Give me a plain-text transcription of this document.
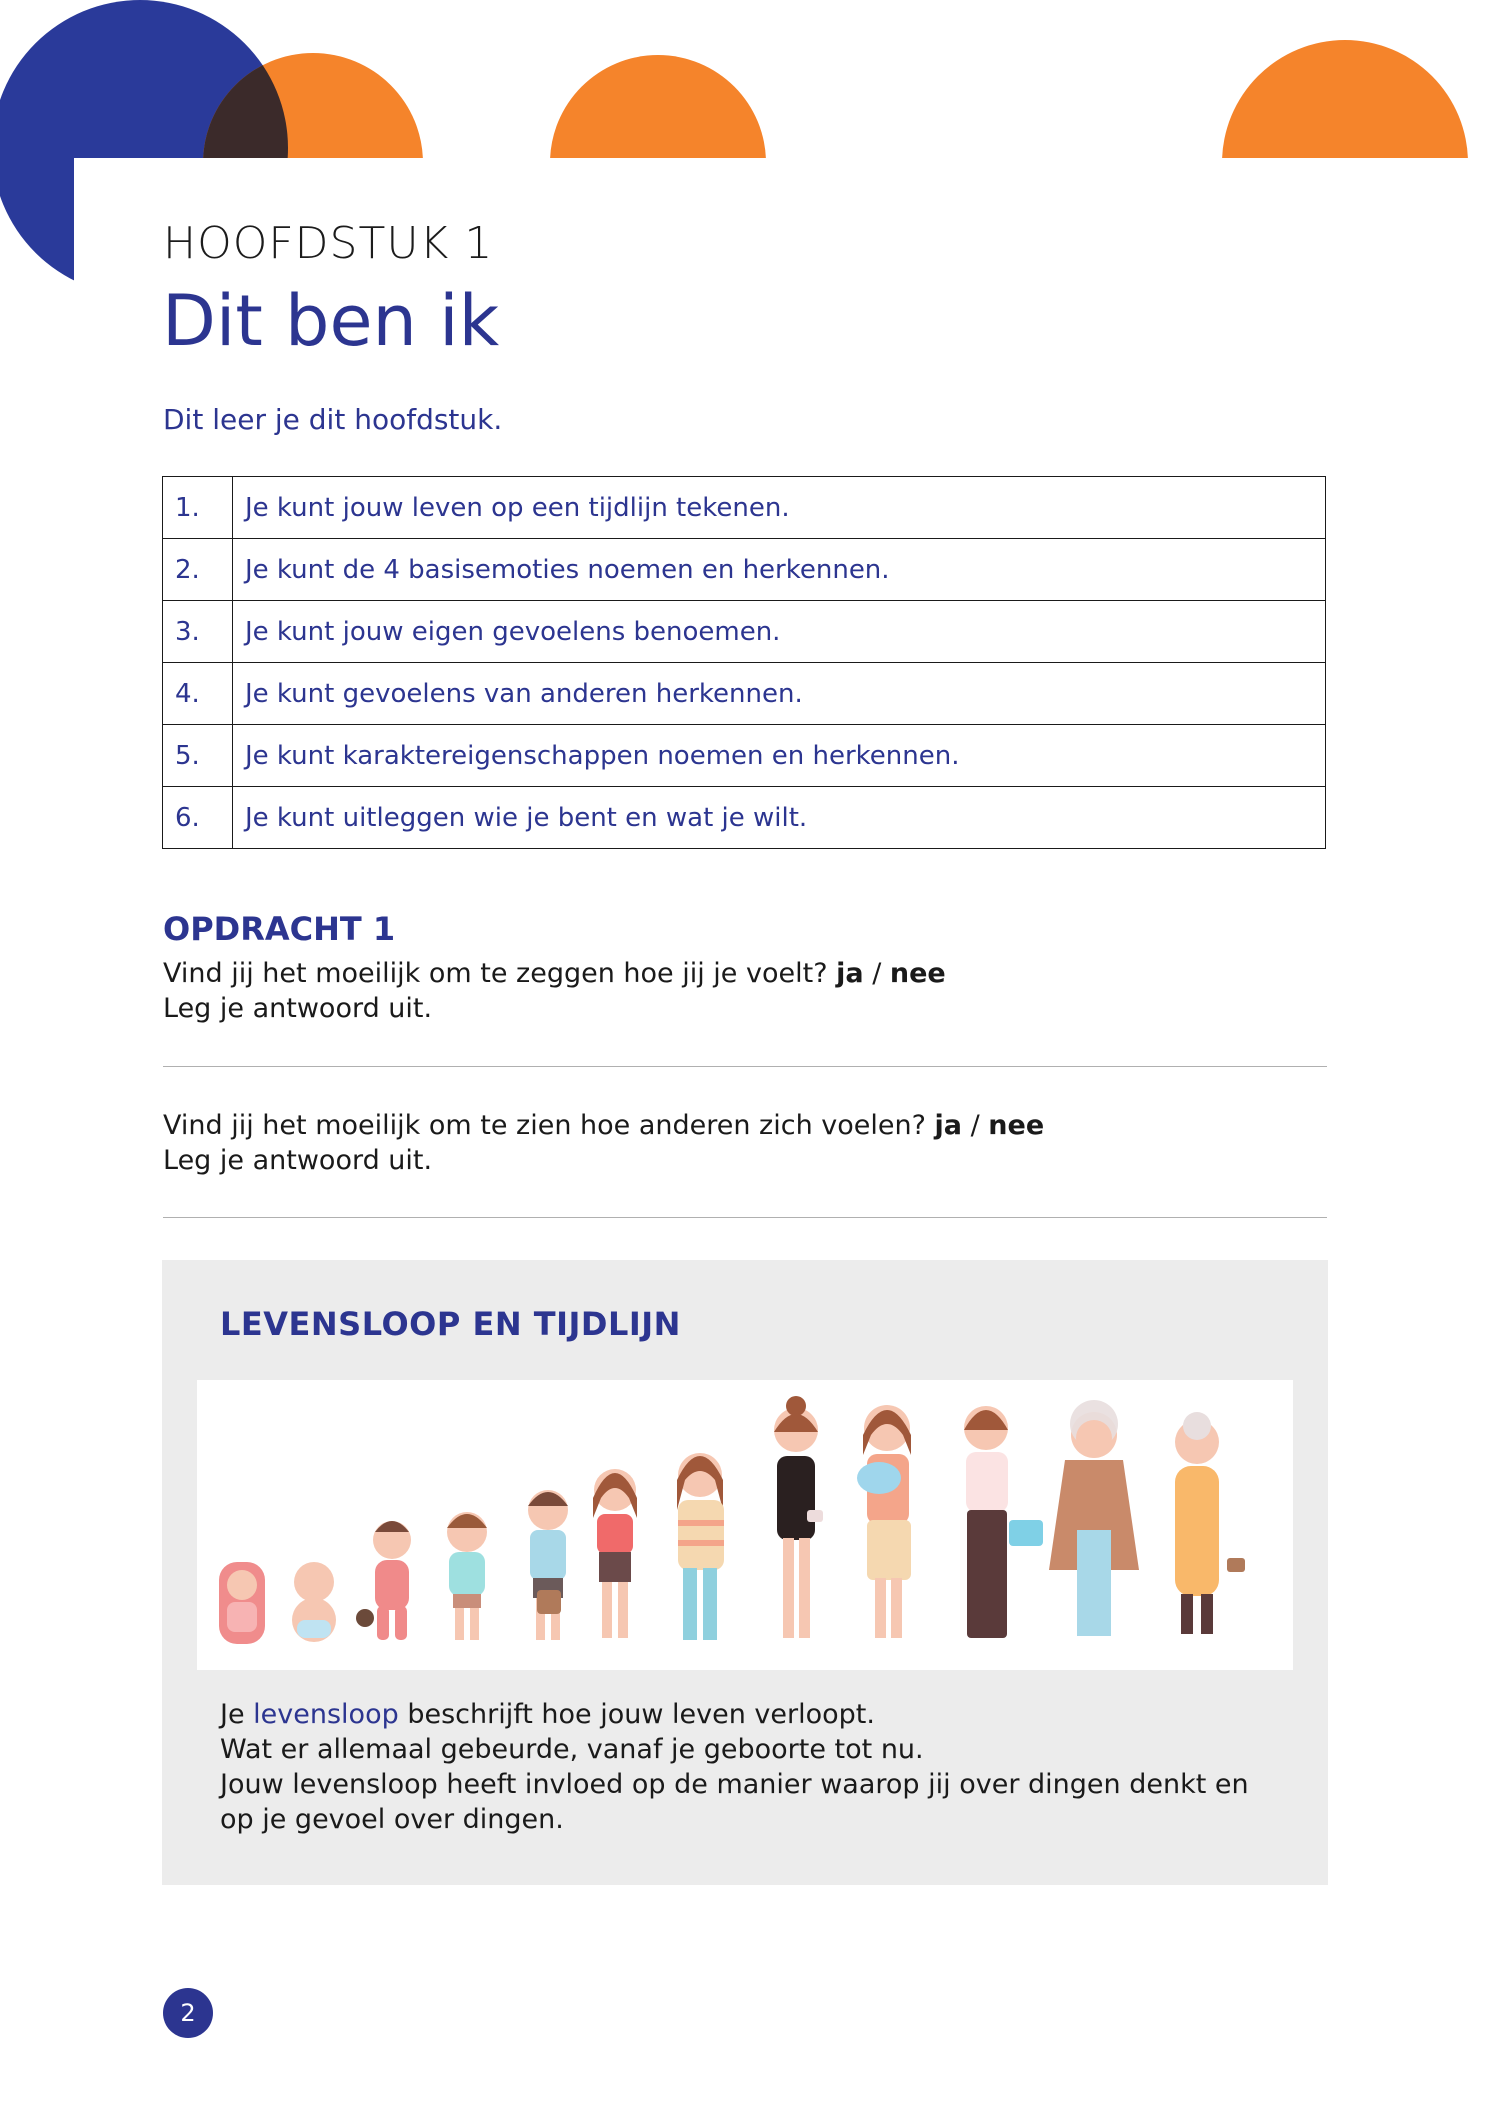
HOOFDSTUK 1
Dit ben ik
Dit leer je dit hoofdstuk.
1.	Je kunt jouw leven op een tijdlijn tekenen.
2.	Je kunt de 4 basisemoties noemen en herkennen.
3.	Je kunt jouw eigen gevoelens benoemen.
4.	Je kunt gevoelens van anderen herkennen.
5.	Je kunt karaktereigenschappen noemen en herkennen.
6.	Je kunt uitleggen wie je bent en wat je wilt.
OPDRACHT 1
Vind jij het moeilijk om te zeggen hoe jij je voelt? ja / nee
Leg je antwoord uit.
Vind jij het moeilijk om te zien hoe anderen zich voelen? ja / nee
Leg je antwoord uit.
LEVENSLOOP EN TIJDLIJN
Je levensloop beschrijft hoe jouw leven verloopt.
Wat er allemaal gebeurde, vanaf je geboorte tot nu.
Jouw levensloop heeft invloed op de manier waarop jij over dingen denkt en op je gevoel over dingen.
2
